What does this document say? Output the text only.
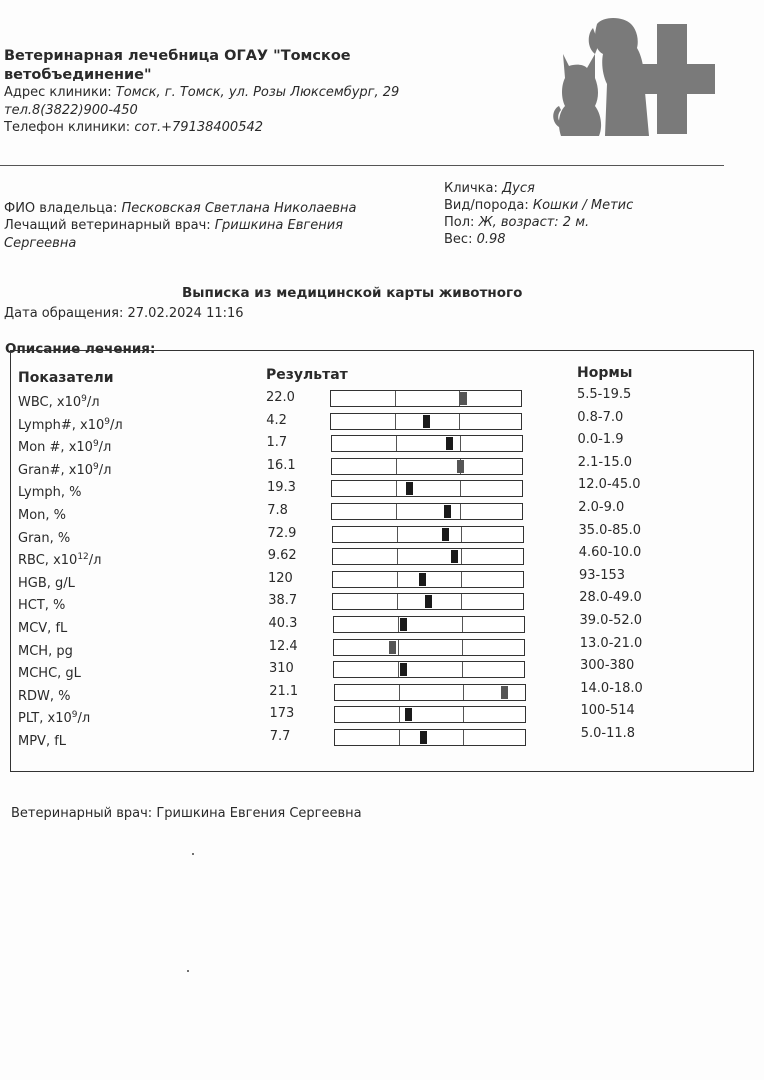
Ветеринарная лечебница ОГАУ "Томское ветобъединение"
Адрес клиники: Томск, г. Томск, ул. Розы Люксембург, 29
тел.8(3822)900-450
Телефон клиники: сот.+79138400542
Кличка: Дуся
Вид/порода: Кошки / Метис
Пол: Ж, возраст: 2 м.
Вес: 0.98
ФИО владельца: Песковская Светлана Николаевна
Лечащий ветеринарный врач: Гришкина Евгения
Сергеевна
Выписка из медицинской карты животного
Дата обращения: 27.02.2024 11:16
Описание лечения:
Показатели	Результат	Нормы
WBC, $x10^9/л$	22.0	5.5-19.5
Lymph#, $x10^9/л$	4.2	0.8-7.0
Mon #, $x10^9/л$	1.7	0.0-1.9
Gran#, $x10^9/л$	16.1	2.1-15.0
Lymph, %	19.3	12.0-45.0
Mon, %	7.8	2.0-9.0
Gran, %	72.9	35.0-85.0
RBC, $x10^{12}/л$	9.62	4.60-10.0
HGB, g/L	120	93-153
HCT, %	38.7	28.0-49.0
MCV, fL	40.3	39.0-52.0
MCH, pg	12.4	13.0-21.0
MCHC, gL	310	300-380
RDW, %	21.1	14.0-18.0
PLT, $x10^9/л$	173	100-514
MPV, fL	7.7	5.0-11.8
Ветеринарный врач: Гришкина Евгения Сергеевна
